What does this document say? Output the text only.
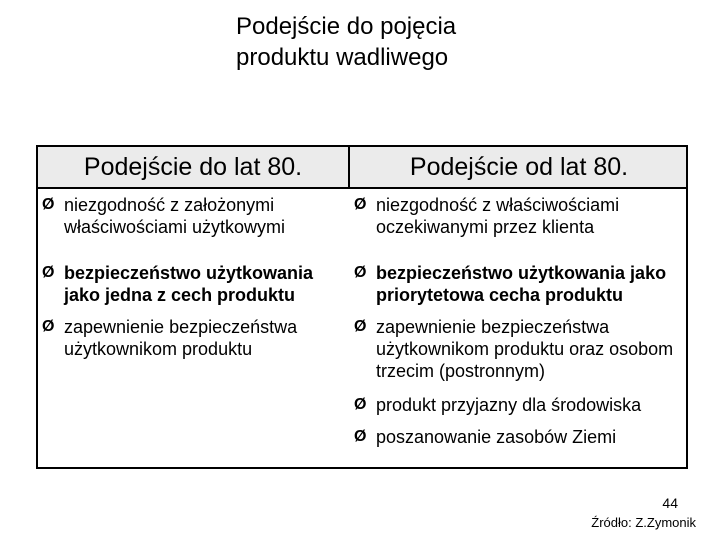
Podejście do pojęcia
produktu wadliwego
Podejście do lat 80.	Podejście od lat 80.
Ø niezgodność z założonymi właściwościami użytkowymi
Ø bezpieczeństwo użytkowania jako jedna z cech produktu
Ø zapewnienie bezpieczeństwa użytkownikom produktu
Ø niezgodność z właściwościami oczekiwanymi przez klienta
Ø bezpieczeństwo użytkowania jako priorytetowa cecha produktu
Ø zapewnienie bezpieczeństwa użytkownikom produktu oraz osobom trzecim (postronnym)
Ø produkt przyjazny dla środowiska
Ø poszanowanie zasobów Ziemi
44
Źródło: Z.Zymonik
